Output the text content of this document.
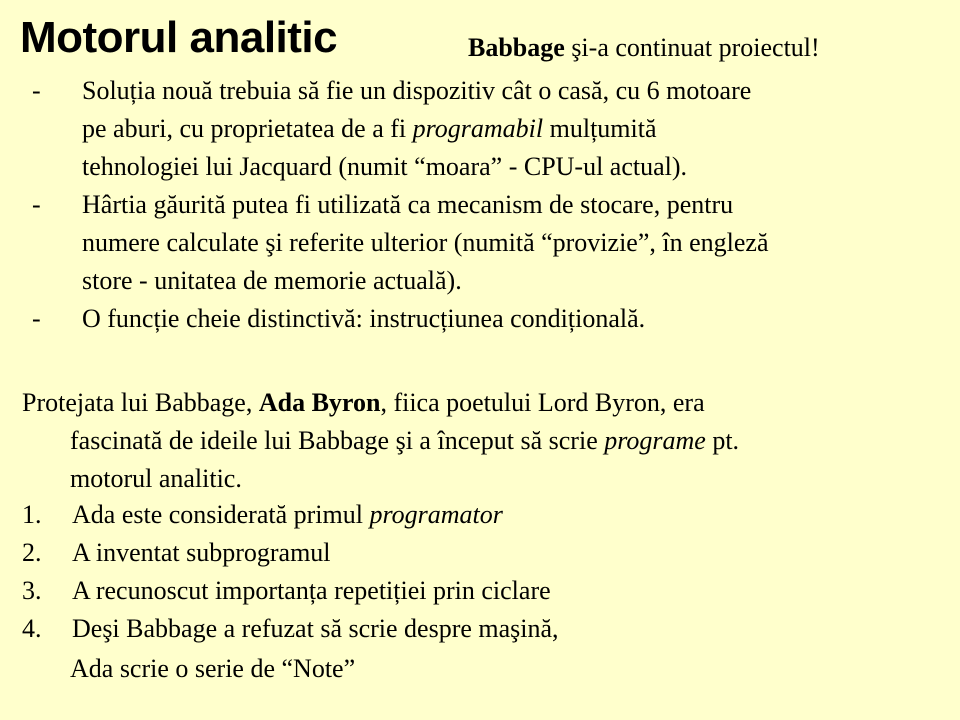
Motorul analitic	Babbage şi-a continuat proiectul!
-	Soluția nouă trebuia să fie un dispozitiv cât o casă, cu 6 motoare
pe aburi, cu proprietatea de a fi programabil mulțumită
tehnologiei lui Jacquard (numit “moara” - CPU-ul actual).
-	Hârtia găurită putea fi utilizată ca mecanism de stocare, pentru
numere calculate şi referite ulterior (numită “provizie”, în engleză
store - unitatea de memorie actuală).
-	O funcție cheie distinctivă: instrucțiunea condițională.
Protejata lui Babbage, Ada Byron, fiica poetului Lord Byron, era
fascinată de ideile lui Babbage şi a început să scrie programe pt.
motorul analitic.
1.	Ada este considerată primul programator
2.	A inventat subprogramul
3.	A recunoscut importanța repetiției prin ciclare
4.	Deşi Babbage a refuzat să scrie despre maşină,
Ada scrie o serie de “Note”
